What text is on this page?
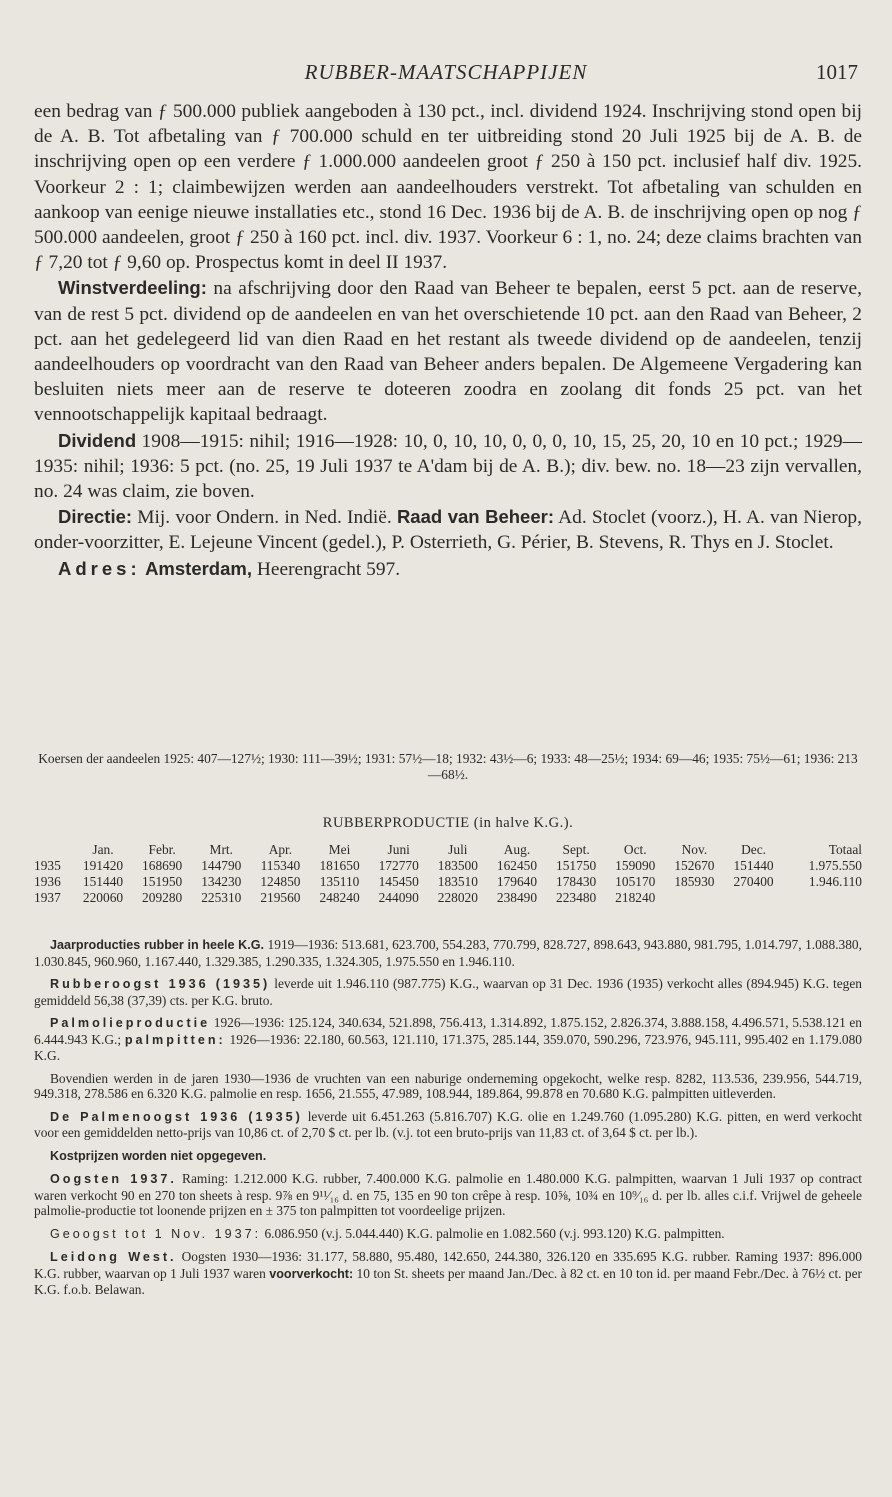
RUBBER-MAATSCHAPPIJEN	1017

een bedrag van ƒ 500.000 publiek aangeboden à 130 pct., incl. dividend 1924. Inschrijving stond open bij de A. B. Tot afbetaling van ƒ 700.000 schuld en ter uitbreiding stond 20 Juli 1925 bij de A. B. de inschrijving open op een verdere ƒ 1.000.000 aandeelen groot ƒ 250 à 150 pct. inclusief half div. 1925. Voorkeur 2 : 1; claimbewijzen werden aan aandeelhouders verstrekt. Tot afbetaling van schulden en aankoop van eenige nieuwe installaties etc., stond 16 Dec. 1936 bij de A. B. de inschrijving open op nog ƒ 500.000 aandeelen, groot ƒ 250 à 160 pct. incl. div. 1937. Voorkeur 6 : 1, no. 24; deze claims brachten van ƒ 7,20 tot ƒ 9,60 op. Prospectus komt in deel II 1937.

Winstverdeeling: na afschrijving door den Raad van Beheer te bepalen, eerst 5 pct. aan de reserve, van de rest 5 pct. dividend op de aandeelen en van het overschietende 10 pct. aan den Raad van Beheer, 2 pct. aan het gedelegeerd lid van dien Raad en het restant als tweede dividend op de aandeelen, tenzij aandeelhouders op voordracht van den Raad van Beheer anders bepalen. De Algemeene Vergadering kan besluiten niets meer aan de reserve te doteeren zoodra en zoolang dit fonds 25 pct. van het vennootschappelijk kapitaal bedraagt.

Dividend 1908—1915: nihil; 1916—1928: 10, 0, 10, 10, 0, 0, 0, 10, 15, 25, 20, 10 en 10 pct.; 1929—1935: nihil; 1936: 5 pct. (no. 25, 19 Juli 1937 te A'dam bij de A. B.); div. bew. no. 18—23 zijn vervallen, no. 24 was claim, zie boven.

Directie: Mij. voor Ondern. in Ned. Indië. Raad van Beheer: Ad. Stoclet (voorz.), H. A. van Nierop, onder-voorzitter, E. Lejeune Vincent (gedel.), P. Osterrieth, G. Périer, B. Stevens, R. Thys en J. Stoclet.

Adres: Amsterdam, Heerengracht 597.

Koersen der aandeelen 1925: 407—127½; 1930: 111—39½; 1931: 57½—18; 1932: 43½—6; 1933: 48—25½; 1934: 69—46; 1935: 75½—61; 1936: 213—68½.

RUBBERPRODUCTIE (in halve K.G.).

	Jan.	Febr.	Mrt.	Apr.	Mei	Juni	Juli	Aug.	Sept.	Oct.	Nov.	Dec.	Totaal
1935	191420	168690	144790	115340	181650	172770	183500	162450	151750	159090	152670	151440	1.975.550
1936	151440	151950	134230	124850	135110	145450	183510	179640	178430	105170	185930	270400	1.946.110
1937	220060	209280	225310	219560	248240	244090	228020	238490	223480	218240			

Jaarproducties rubber in heele K.G. 1919—1936: 513.681, 623.700, 554.283, 770.799, 828.727, 898.643, 943.880, 981.795, 1.014.797, 1.088.380, 1.030.845, 960.960, 1.167.440, 1.329.385, 1.290.335, 1.324.305, 1.975.550 en 1.946.110.

Rubberoogst 1936 (1935) leverde uit 1.946.110 (987.775) K.G., waarvan op 31 Dec. 1936 (1935) verkocht alles (894.945) K.G. tegen gemiddeld 56,38 (37,39) cts. per K.G. bruto.

Palmolieproductie 1926—1936: 125.124, 340.634, 521.898, 756.413, 1.314.892, 1.875.152, 2.826.374, 3.888.158, 4.496.571, 5.538.121 en 6.444.943 K.G.; palmpitten: 1926—1936: 22.180, 60.563, 121.110, 171.375, 285.144, 359.070, 590.296, 723.976, 945.111, 995.402 en 1.179.080 K.G.

Bovendien werden in de jaren 1930—1936 de vruchten van een naburige onderneming opgekocht, welke resp. 8282, 113.536, 239.956, 544.719, 949.318, 278.586 en 6.320 K.G. palmolie en resp. 1656, 21.555, 47.989, 108.944, 189.864, 99.878 en 70.680 K.G. palmpitten uitleverden.

De Palmenoogst 1936 (1935) leverde uit 6.451.263 (5.816.707) K.G. olie en 1.249.760 (1.095.280) K.G. pitten, en werd verkocht voor een gemiddelden netto-prijs van 10,86 ct. of 2,70 $ ct. per lb. (v.j. tot een bruto-prijs van 11,83 ct. of 3,64 $ ct. per lb.).

Kostprijzen worden niet opgegeven.

Oogsten 1937. Raming: 1.212.000 K.G. rubber, 7.400.000 K.G. palmolie en 1.480.000 K.G. palmpitten, waarvan 1 Juli 1937 op contract waren verkocht 90 en 270 ton sheets à resp. 9⅞ en 9¹¹⁄₁₆ d. en 75, 135 en 90 ton crêpe à resp. 10⅝, 10¾ en 10⁹⁄₁₆ d. per lb. alles c.i.f. Vrijwel de geheele palmolie-productie tot loonende prijzen en ± 375 ton palmpitten tot voordeelige prijzen.

Geoogst tot 1 Nov. 1937: 6.086.950 (v.j. 5.044.440) K.G. palmolie en 1.082.560 (v.j. 993.120) K.G. palmpitten.

Leidong West. Oogsten 1930—1936: 31.177, 58.880, 95.480, 142.650, 244.380, 326.120 en 335.695 K.G. rubber. Raming 1937: 896.000 K.G. rubber, waarvan op 1 Juli 1937 waren voorverkocht: 10 ton St. sheets per maand Jan./Dec. à 82 ct. en 10 ton id. per maand Febr./Dec. à 76½ ct. per K.G. f.o.b. Belawan.
